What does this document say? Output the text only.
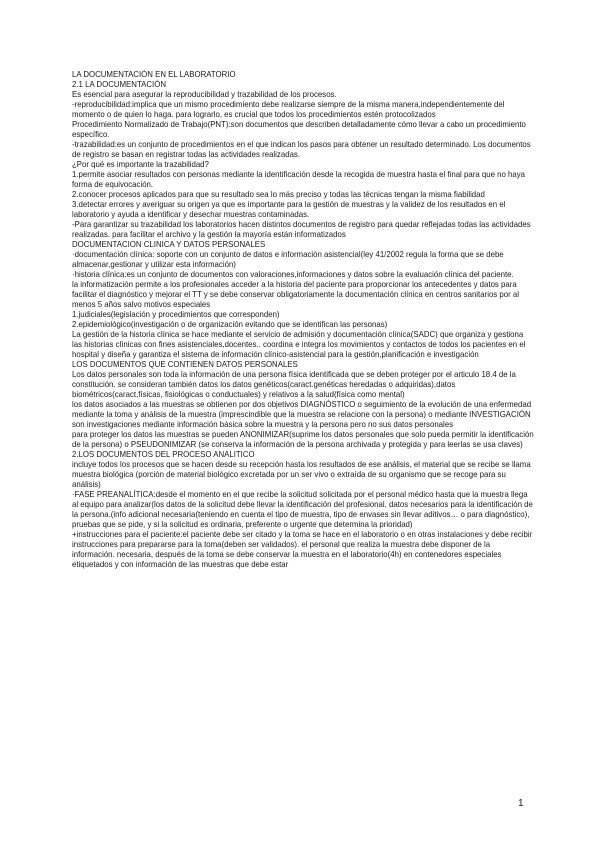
LA DOCUMENTACIÓN EN EL LABORATORIO

2.1 LA DOCUMENTACIÓN

Es esencial para asegurar la reproducibilidad y trazabilidad de los procesos.

-reproducibilidad:implica que un mismo procedimiento debe realizarse siempre de la misma manera,independientemente del momento o de quien lo haga. para lograrlo, es crucial que todos los procedimientos estén protocolizados

Procedimiento Normalizado de Trabajo(PNT):son documentos que describen detalladamente cómo llevar a cabo un procedimiento específico.

-trazabilidad:es un conjunto de procedimientos en el que indican los pasos para obtener un resultado determinado. Los documentos de registro se basan en registrar todas las actividades realizadas.

¿Por qué es importante la trazabilidad?

1.permite asociar resultados con personas mediante la identificación desde la recogida de muestra hasta el final para que no haya forma de equivocación.

2.conocer procesos aplicados para que su resultado sea lo más preciso y todas las técnicas tengan la misma fiabilidad

3.detectar errores y averiguar su origen ya que es importante para la gestión de muestras y la validez de los resultados en el laboratorio y ayuda a identificar y desechar muestras contaminadas.

-Para garantizar su trazabilidad los laboratorios hacen distintos documentos de registro para quedar reflejadas todas las actividades realizadas. para facilitar el archivo y la gestión la mayoría están informatizados

DOCUMENTACION CLINICA Y DATOS PERSONALES

·documentación clínica: soporte con un conjunto de datos e información asistencial(ley 41/2002 regula la forma que se debe almacenar,gestionar y utilizar esta información)

·historia clínica:es un conjunto de documentos con valoraciones,informaciones y datos sobre la evaluación clínica del paciente.

la informatización permite a los profesionales acceder a la historia del paciente para proporcionar los antecedentes y datos para facilitar el diagnóstico y mejorar el TT y se debe conservar obligatoriamente la documentación clínica en centros sanitarios por al menos 5 años salvo motivos especiales

1.judiciales(legislación y procedimientos que corresponden)

2.epidemiológico(investigación o de organización evitando que se identifican las personas)

La gestión de la historia clínica se hace mediante el servicio de admisión y documentación clínica(SADC) que organiza y gestiona las historias clínicas con fines asistenciales,docentes.. coordina e integra los movimientos y contactos de todos los pacientes en el hospital y diseña y garantiza el sistema de información clínico-asistencial para la gestión,planificación e investigación

LOS DOCUMENTOS QUE CONTIENEN DATOS PERSONALES

Los datos personales son toda la información de una persona física identificada que se deben proteger por el articulo 18.4 de la constitución. se consideran también datos los datos genéticos(caract.genéticas heredadas o adquiridas),datos biométricos(caract,físicas, fisiológicas o conductuales) y relativos a la salud(física como mental)

los datos asociados a las muestras se obtienen por dos objetivos DIAGNÓSTICO o seguimiento de la evolución de una enfermedad mediante la toma y análisis de la muestra (imprescindible que la muestra se relacione con la persona) o mediante INVESTIGACIÓN son investigaciones mediante información básica sobre la muestra y la persona pero no sus datos personales

para proteger los datos las muestras se pueden ANONIMIZAR(suprime los datos personales que solo pueda permitir la identificación de la persona) o PSEUDONIMIZAR (se conserva la información de la persona archivada y protegida y para leerlas se usa claves)

2.LOS DOCUMENTOS DEL PROCESO ANALITICO

incluye todos los procesos que se hacen desde su recepción hasta los resultados de ese análisis, el material que se recibe se llama muestra biológica (porción de material biológico excretada por un ser vivo o extraída de su organismo que se recoge para su análisis)

·FASE PREANALÍTICA:desde el momento en el que recibe la solicitud solicitada por el personal médico hasta que la muestra llega al equipo para analizar(los datos de la solicitud debe llevar la identificación del profesional, datos necesarios para la identificación de la persona.(info adicional necesaria(teniendo en cuenta el tipo de muestra, tipo de envases sin llevar aditivos… o para diagnóstico), pruebas que se pide, y si la solicitud es ordinaria, preferente o urgente que determina la prioridad)

+instrucciones para el paciente:el paciente debe ser citado y la toma se hace en el laboratorio o en otras instalaciones y debe recibir instrucciones para prepararse para la toma(deben ser validados). el personal que realiza la muestra debe disponer de la información. necesaria, después de la toma se debe conservar la muestra en el laboratorio(4h) en contenedores especiales etiquetados y con información de las muestras que debe estar

1
